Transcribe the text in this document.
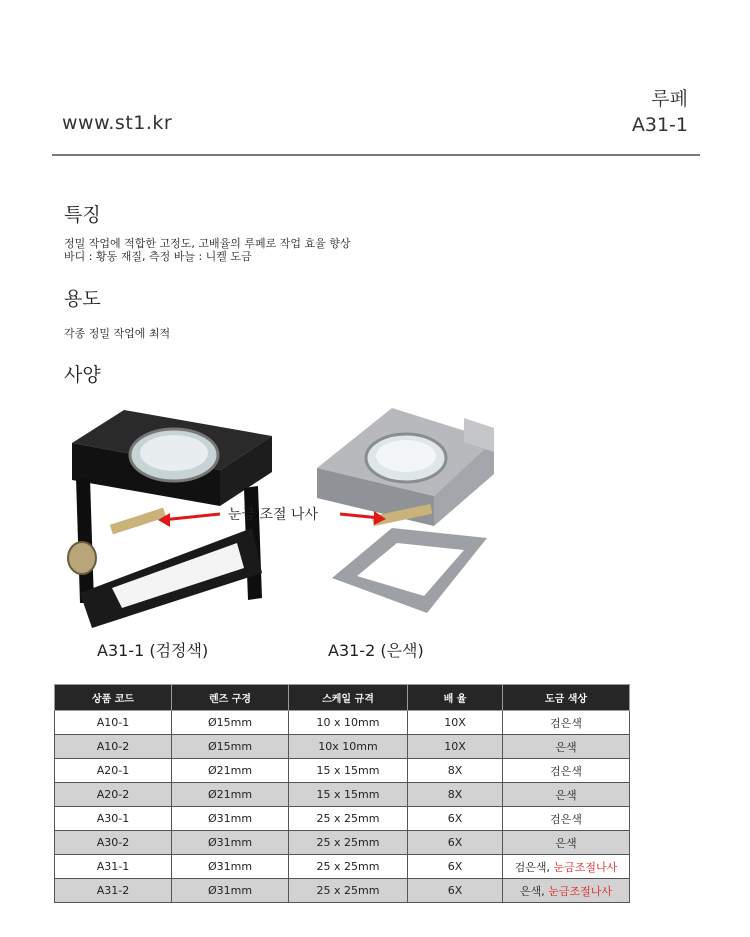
www.st1.kr
루페
A31-1
특징
정밀 작업에 적합한 고정도, 고배율의 루페로 작업 효율 향상
바디 : 황동 재질, 측정 바늘 : 니켈 도금
용도
각종 정밀 작업에 최적
사양
눈금 조절 나사
A31-1 (검정색)	A31-2 (은색)
상품 코드	렌즈 구경	스케일 규격	배 율	도금 색상
A10-1	Ø15mm	10 x 10mm	10X	검은색
A10-2	Ø15mm	10x 10mm	10X	은색
A20-1	Ø21mm	15 x 15mm	8X	검은색
A20-2	Ø21mm	15 x 15mm	8X	은색
A30-1	Ø31mm	25 x 25mm	6X	검은색
A30-2	Ø31mm	25 x 25mm	6X	은색
A31-1	Ø31mm	25 x 25mm	6X	검은색, 눈금조절나사
A31-2	Ø31mm	25 x 25mm	6X	은색, 눈금조절나사
